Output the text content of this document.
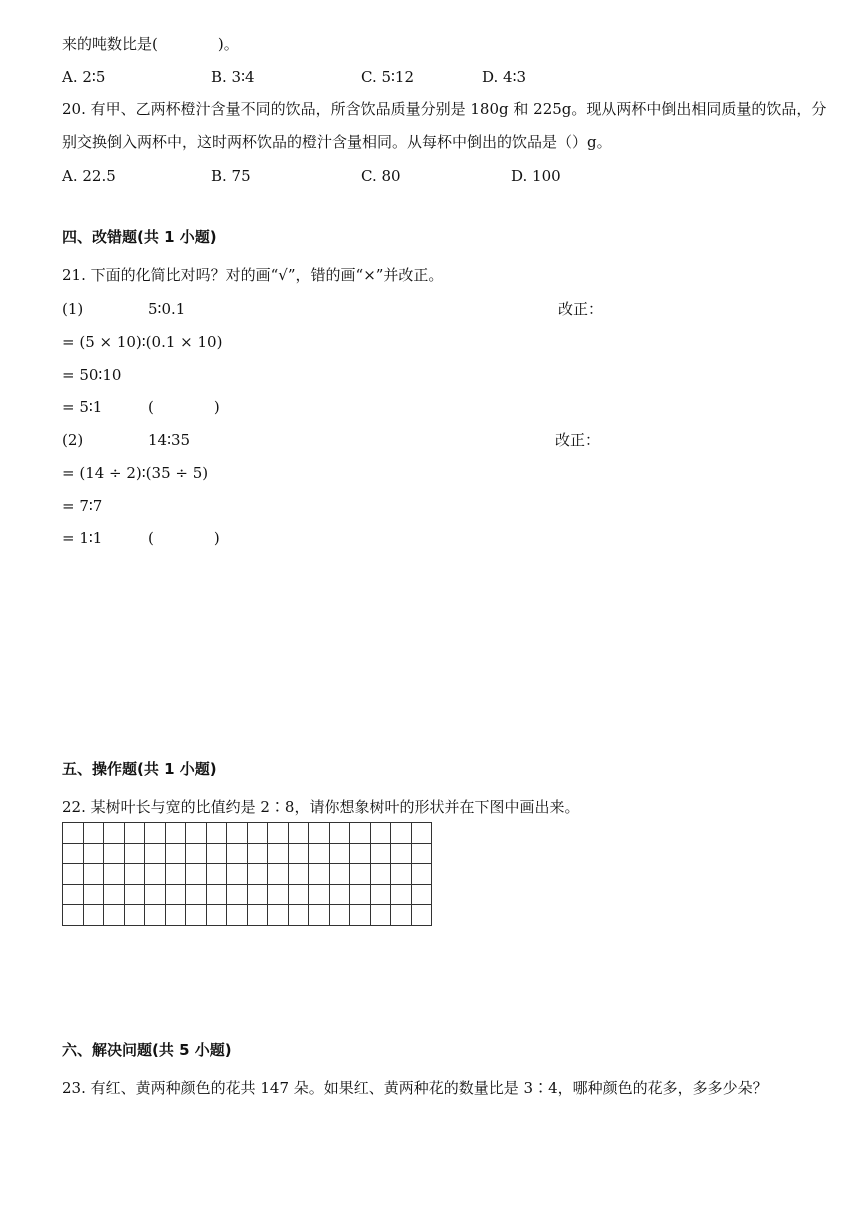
来的吨数比是(　　　　)。
A. 2∶5	B. 3∶4	C. 5∶12	D. 4∶3
20. 有甲、乙两杯橙汁含量不同的饮品，所含饮品质量分别是 180g 和 225g。现从两杯中倒出相同质量的饮品，分别交换倒入两杯中，这时两杯饮品的橙汁含量相同。从每杯中倒出的饮品是（）g。
A. 22.5	B. 75	C. 80	D. 100
四、改错题(共 1 小题)
21. 下面的化简比对吗？对的画“√”，错的画“×”并改正。
(1)	5∶0.1	改正：
= (5 × 10)∶(0.1 × 10)
= 50∶10
= 5∶1	(　　　　)
(2)	14∶35	改正：
= (14 ÷ 2)∶(35 ÷ 5)
= 7∶7
= 1∶1	(　　　　)
五、操作题(共 1 小题)
22. 某树叶长与宽的比值约是 2∶8，请你想象树叶的形状并在下图中画出来。

六、解决问题(共 5 小题)
23. 有红、黄两种颜色的花共 147 朵。如果红、黄两种花的数量比是 3∶4，哪种颜色的花多，多多少朵？
